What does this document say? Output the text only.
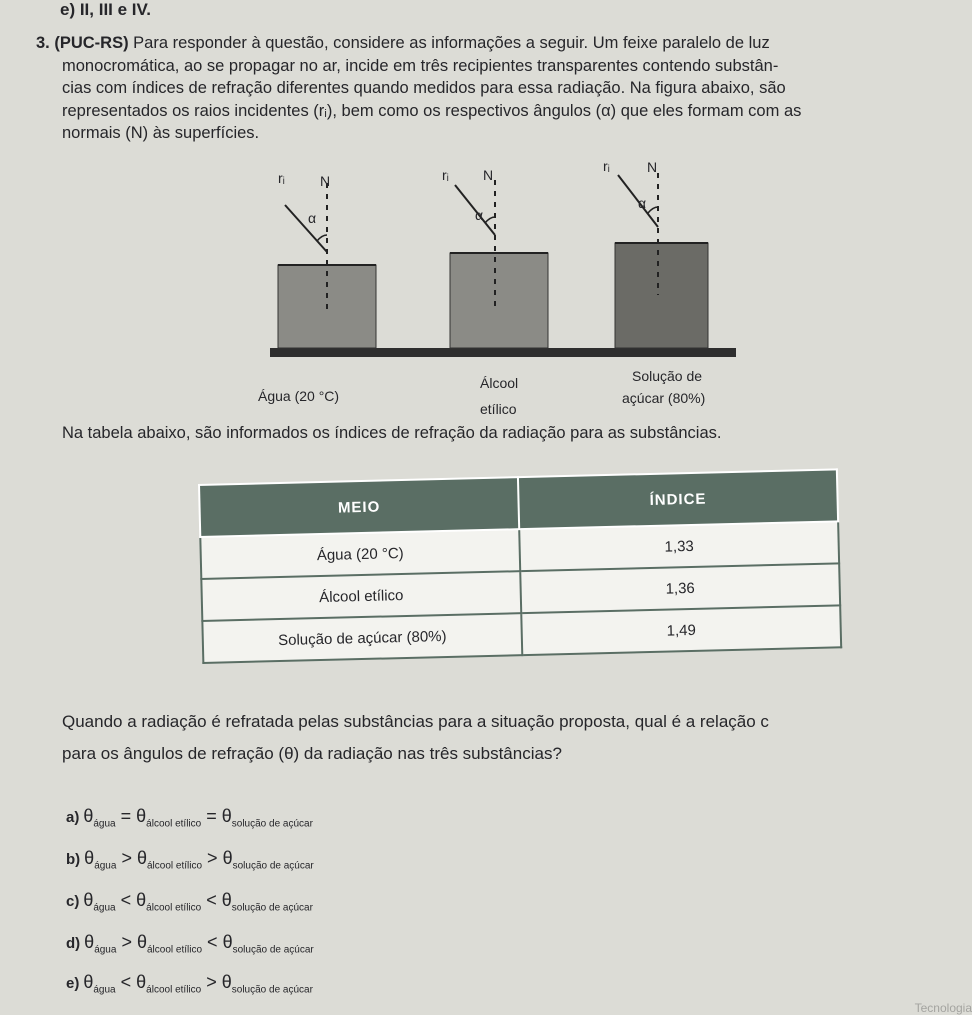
e) II, III e IV.
3. (PUC-RS) Para responder à questão, considere as informações a seguir. Um feixe paralelo de luz
monocromática, ao se propagar no ar, incide em três recipientes transparentes contendo substân-
cias com índices de refração diferentes quando medidos para essa radiação. Na figura abaixo, são
representados os raios incidentes (rᵢ), bem como os respectivos ângulos (α) que eles formam com as
normais (N) às superfícies.
rᵢ	N
α
rᵢ N
α
rᵢ	N
α
Água (20 °C)
Álcool
etílico
Solução de
açúcar (80%)
Na tabela abaixo, são informados os índices de refração da radiação para as substâncias.
MEIO	ÍNDICE
Água (20 °C)	1,33
Álcool etílico	1,36
Solução de açúcar (80%)	1,49
Quando a radiação é refratada pelas substâncias para a situação proposta, qual é a relação c
para os ângulos de refração (θ) da radiação nas três substâncias?
a) $\theta_{água} = \theta_{álcool etílico} = \theta_{solução de açúcar}$
b) $\theta_{água} > \theta_{álcool etílico} > \theta_{solução de açúcar}$
c) $\theta_{água} < \theta_{álcool etílico} < \theta_{solução de açúcar}$
d) $\theta_{água} > \theta_{álcool etílico} < \theta_{solução de açúcar}$
e) $\theta_{água} < \theta_{álcool etílico} > \theta_{solução de açúcar}$
Tecnologia
